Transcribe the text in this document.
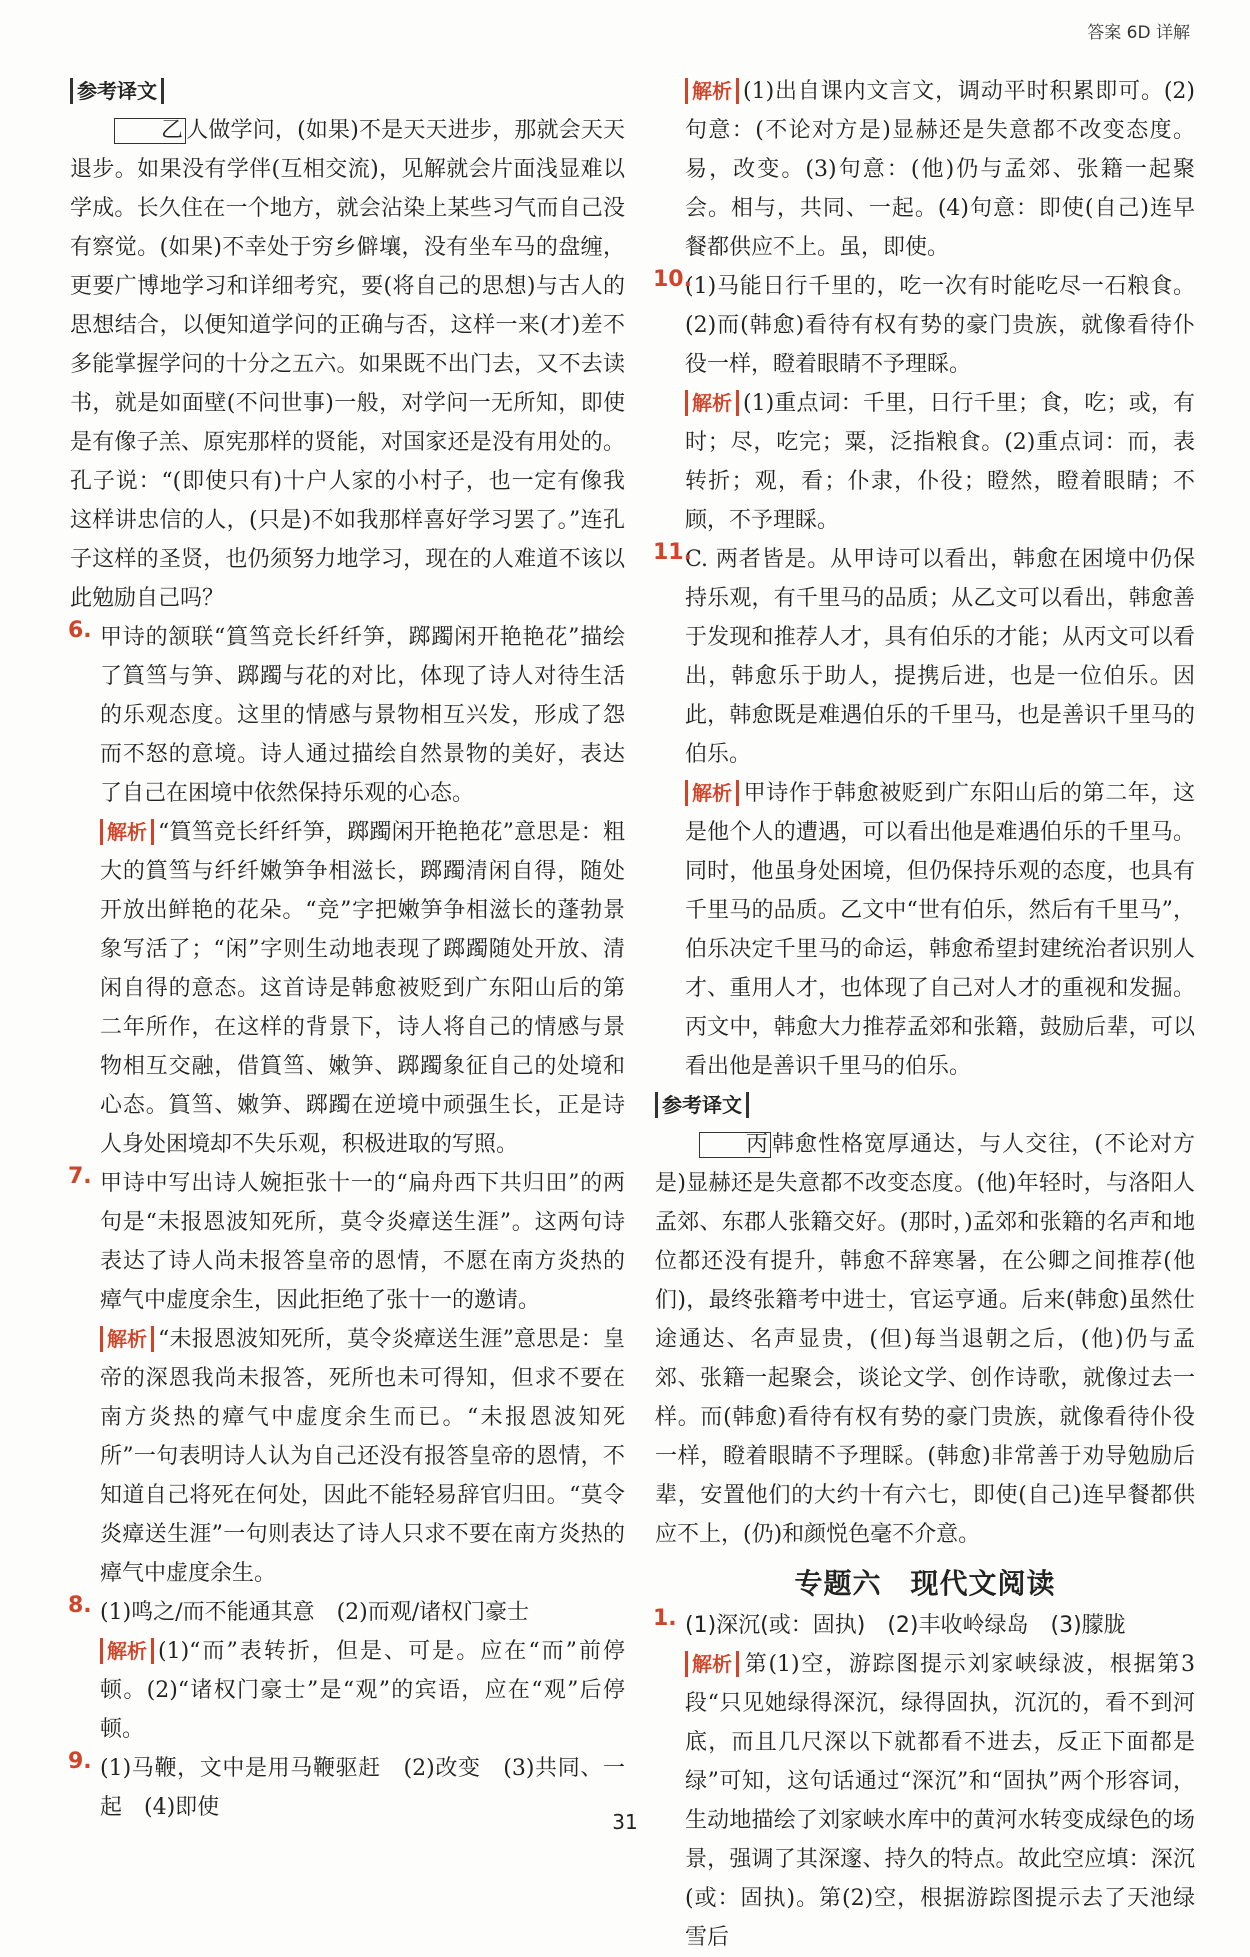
答案 6D 详解

参考译文

乙 人做学问，(如果)不是天天进步，那就会天天退步。如果没有学伴(互相交流)，见解就会片面浅显难以学成。长久住在一个地方，就会沾染上某些习气而自己没有察觉。(如果)不幸处于穷乡僻壤，没有坐车马的盘缠，更要广博地学习和详细考究，要(将自己的思想)与古人的思想结合，以便知道学问的正确与否，这样一来(才)差不多能掌握学问的十分之五六。如果既不出门去，又不去读书，就是如面壁(不问世事)一般，对学问一无所知，即使是有像子羔、原宪那样的贤能，对国家还是没有用处的。孔子说：“(即使只有)十户人家的小村子，也一定有像我这样讲忠信的人，(只是)不如我那样喜好学习罢了。”连孔子这样的圣贤，也仍须努力地学习，现在的人难道不该以此勉励自己吗？

6. 甲诗的颔联“篔筜竞长纤纤笋，踯躅闲开艳艳花”描绘了篔筜与笋、踯躅与花的对比，体现了诗人对待生活的乐观态度。这里的情感与景物相互兴发，形成了怨而不怒的意境。诗人通过描绘自然景物的美好，表达了自己在困境中依然保持乐观的心态。

解析 “篔筜竞长纤纤笋，踯躅闲开艳艳花”意思是：粗大的篔筜与纤纤嫩笋争相滋长，踯躅清闲自得，随处开放出鲜艳的花朵。“竞”字把嫩笋争相滋长的蓬勃景象写活了；“闲”字则生动地表现了踯躅随处开放、清闲自得的意态。这首诗是韩愈被贬到广东阳山后的第二年所作，在这样的背景下，诗人将自己的情感与景物相互交融，借篔筜、嫩笋、踯躅象征自己的处境和心态。篔筜、嫩笋、踯躅在逆境中顽强生长，正是诗人身处困境却不失乐观，积极进取的写照。

7. 甲诗中写出诗人婉拒张十一的“扁舟西下共归田”的两句是“未报恩波知死所，莫令炎瘴送生涯”。这两句诗表达了诗人尚未报答皇帝的恩情，不愿在南方炎热的瘴气中虚度余生，因此拒绝了张十一的邀请。

解析 “未报恩波知死所，莫令炎瘴送生涯”意思是：皇帝的深恩我尚未报答，死所也未可得知，但求不要在南方炎热的瘴气中虚度余生而已。“未报恩波知死所”一句表明诗人认为自己还没有报答皇帝的恩情，不知道自己将死在何处，因此不能轻易辞官归田。“莫令炎瘴送生涯”一句则表达了诗人只求不要在南方炎热的瘴气中虚度余生。

8. (1)鸣之/而不能通其意　(2)而观/诸权门豪士

解析 (1)“而”表转折，但是、可是。应在“而”前停顿。(2)“诸权门豪士”是“观”的宾语，应在“观”后停顿。

9. (1)马鞭，文中是用马鞭驱赶　(2)改变　(3)共同、一起　(4)即使

解析 (1)出自课内文言文，调动平时积累即可。(2)句意：(不论对方是)显赫还是失意都不改变态度。易，改变。(3)句意：(他)仍与孟郊、张籍一起聚会。相与，共同、一起。(4)句意：即使(自己)连早餐都供应不上。虽，即使。

10.

(1)马能日行千里的，吃一次有时能吃尽一石粮食。(2)而(韩愈)看待有权有势的豪门贵族，就像看待仆役一样，瞪着眼睛不予理睬。

解析 (1)重点词：千里，日行千里；食，吃；或，有时；尽，吃完；粟，泛指粮食。(2)重点词：而，表转折；观，看；仆隶，仆役；瞪然，瞪着眼睛；不顾，不予理睬。

11.

C. 两者皆是。从甲诗可以看出，韩愈在困境中仍保持乐观，有千里马的品质；从乙文可以看出，韩愈善于发现和推荐人才，具有伯乐的才能；从丙文可以看出，韩愈乐于助人，提携后进，也是一位伯乐。因此，韩愈既是难遇伯乐的千里马，也是善识千里马的伯乐。

解析 甲诗作于韩愈被贬到广东阳山后的第二年，这是他个人的遭遇，可以看出他是难遇伯乐的千里马。同时，他虽身处困境，但仍保持乐观的态度，也具有千里马的品质。乙文中“世有伯乐，然后有千里马”，伯乐决定千里马的命运，韩愈希望封建统治者识别人才、重用人才，也体现了自己对人才的重视和发掘。丙文中，韩愈大力推荐孟郊和张籍，鼓励后辈，可以看出他是善识千里马的伯乐。

参考译文

丙 韩愈性格宽厚通达，与人交往，(不论对方是)显赫还是失意都不改变态度。(他)年轻时，与洛阳人孟郊、东郡人张籍交好。(那时，)孟郊和张籍的名声和地位都还没有提升，韩愈不辞寒暑，在公卿之间推荐(他们)，最终张籍考中进士，官运亨通。后来(韩愈)虽然仕途通达、名声显贵，(但)每当退朝之后，(他)仍与孟郊、张籍一起聚会，谈论文学、创作诗歌，就像过去一样。而(韩愈)看待有权有势的豪门贵族，就像看待仆役一样，瞪着眼睛不予理睬。(韩愈)非常善于劝导勉励后辈，安置他们的大约十有六七，即使(自己)连早餐都供应不上，(仍)和颜悦色毫不介意。

专题六　现代文阅读
1. (1)深沉(或：固执)　(2)丰收岭绿岛　(3)朦胧

解析 第(1)空，游踪图提示刘家峡绿波，根据第3段“只见她绿得深沉，绿得固执，沉沉的，看不到河底，而且几尺深以下就都看不进去，反正下面都是绿”可知，这句话通过“深沉”和“固执”两个形容词，生动地描绘了刘家峡水库中的黄河水转变成绿色的场景，强调了其深邃、持久的特点。故此空应填：深沉(或：固执)。第(2)空，根据游踪图提示去了天池绿雪后

31
